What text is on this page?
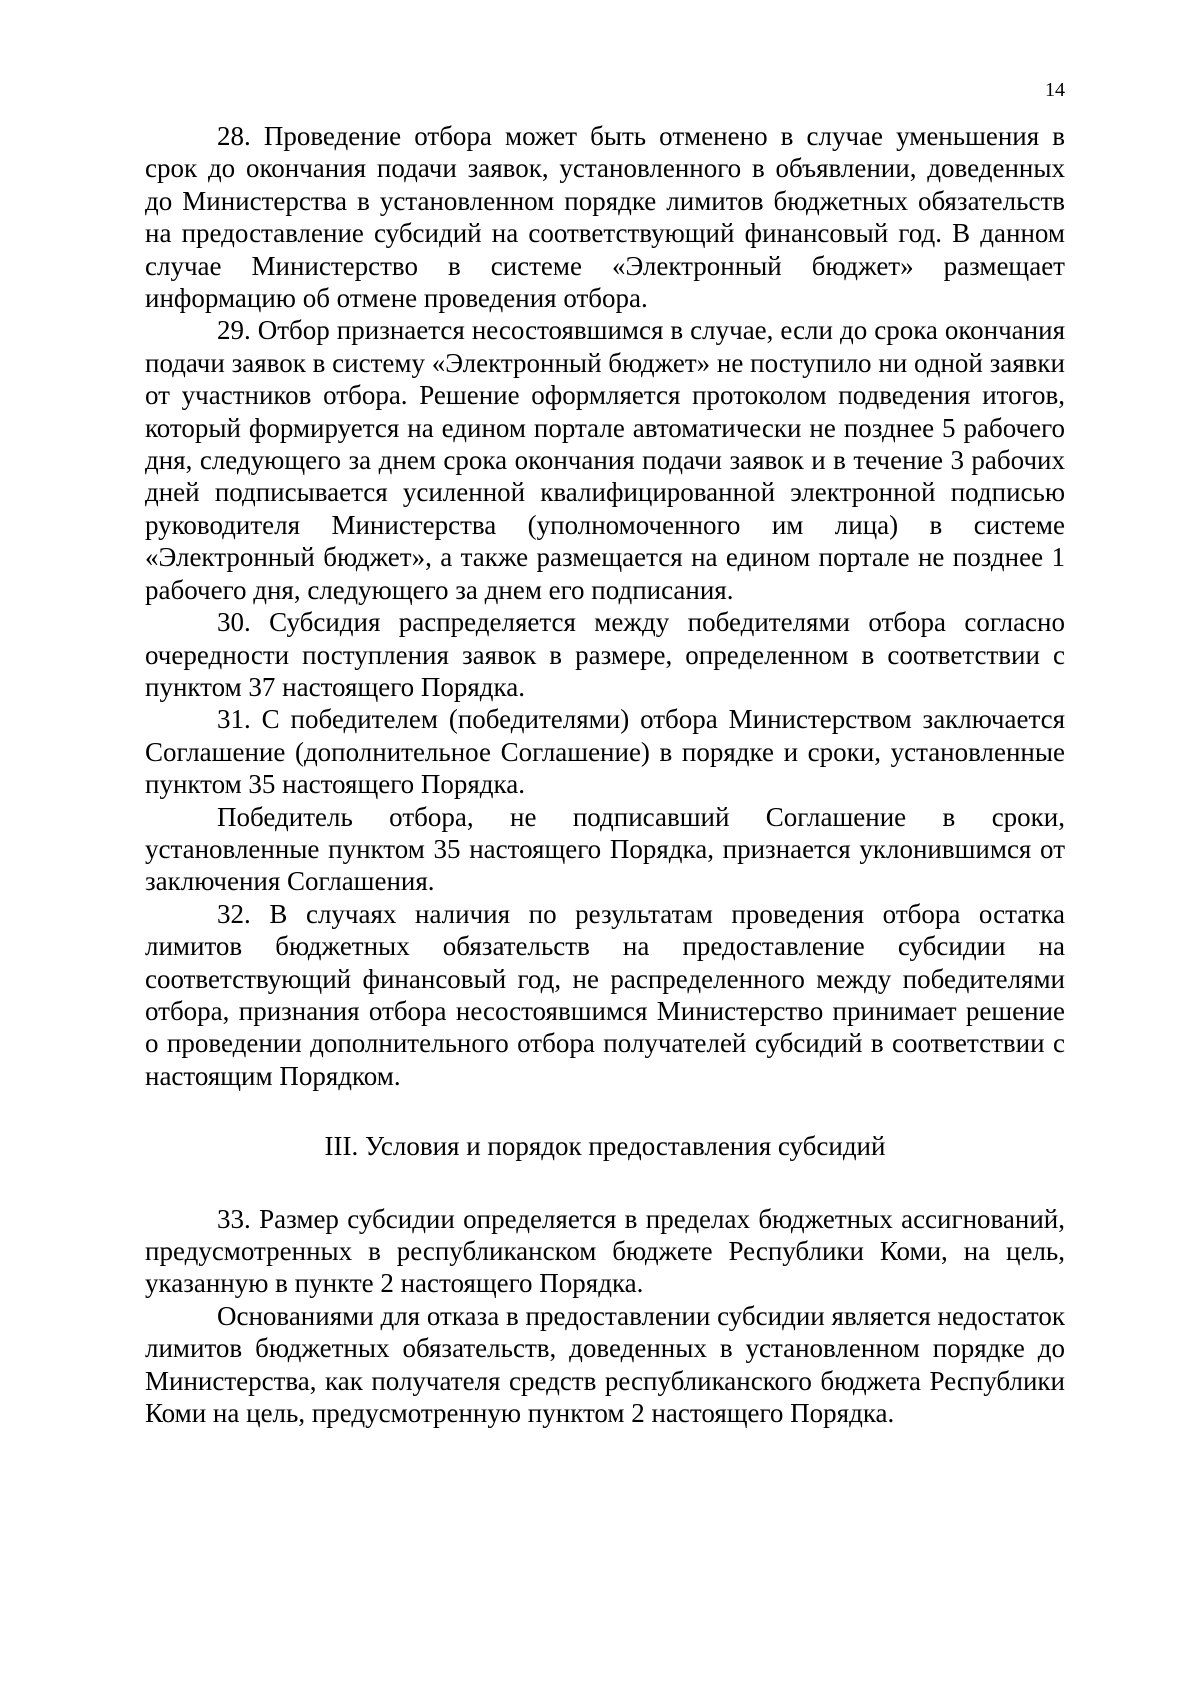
14

28. Проведение отбора может быть отменено в случае уменьшения в срок до окончания подачи заявок, установленного в объявлении, доведенных до Министерства в установленном порядке лимитов бюджетных обязательств на предоставление субсидий на соответствующий финансовый год. В данном случае Министерство в системе «Электронный бюджет» размещает информацию об отмене проведения отбора.

29. Отбор признается несостоявшимся в случае, если до срока окончания подачи заявок в систему «Электронный бюджет» не поступило ни одной заявки от участников отбора. Решение оформляется протоколом подведения итогов, который формируется на едином портале автоматически не позднее 5 рабочего дня, следующего за днем срока окончания подачи заявок и в течение 3 рабочих дней подписывается усиленной квалифицированной электронной подписью руководителя Министерства (уполномоченного им лица) в системе «Электронный бюджет», а также размещается на едином портале не позднее 1 рабочего дня, следующего за днем его подписания.

30. Субсидия распределяется между победителями отбора согласно очередности поступления заявок в размере, определенном в соответствии с пунктом 37 настоящего Порядка.

31. С победителем (победителями) отбора Министерством заключается Соглашение (дополнительное Соглашение) в порядке и сроки, установленные пунктом 35 настоящего Порядка.

Победитель отбора, не подписавший Соглашение в сроки, установленные пунктом 35 настоящего Порядка, признается уклонившимся от заключения Соглашения.

32. В случаях наличия по результатам проведения отбора остатка лимитов бюджетных обязательств на предоставление субсидии на соответствующий финансовый год, не распределенного между победителями отбора, признания отбора несостоявшимся Министерство принимает решение о проведении дополнительного отбора получателей субсидий в соответствии с настоящим Порядком.

III. Условия и порядок предоставления субсидий

33. Размер субсидии определяется в пределах бюджетных ассигнований, предусмотренных в республиканском бюджете Республики Коми, на цель, указанную в пункте 2 настоящего Порядка.

Основаниями для отказа в предоставлении субсидии является недостаток лимитов бюджетных обязательств, доведенных в установленном порядке до Министерства, как получателя средств республиканского бюджета Республики Коми на цель, предусмотренную пунктом 2 настоящего Порядка.
